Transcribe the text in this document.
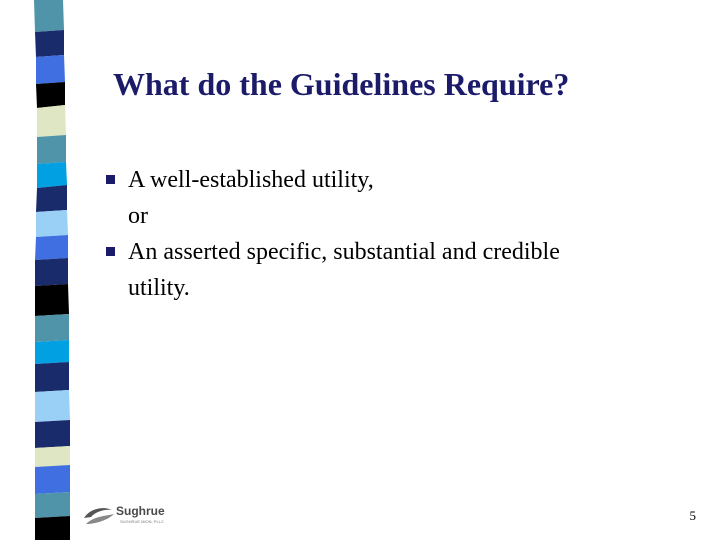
What do the Guidelines Require?
A well-established utility,
or
An asserted specific, substantial and credible
utility.
Sughrue
SUGHRUE MION, PLLC	5
